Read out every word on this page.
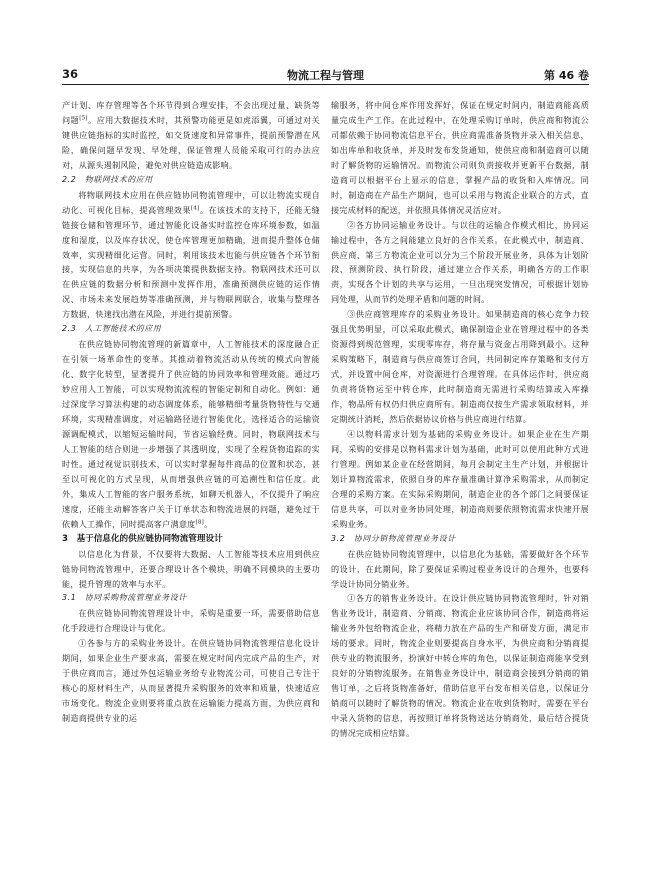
36	物流工程与管理	第 46 卷

产计划、库存管理等各个环节得到合理安排，不会出现过量、缺货等问题[5]。应用大数据技术时，其预警功能更是如虎添翼，可通过对关键供应链指标的实时监控，如交货速度和异常事件，提前预警潜在风险，确保问题早发现、早处理，保证管理人员能采取可行的办法应对，从源头遏制风险，避免对供应链造成影响。

2.2　物联网技术的应用

将物联网技术应用在供应链协同物流管理中，可以让物流实现自动化、可视化目标，提高管理效果[4]。在该技术的支持下，还能无缝链接仓储和管理环节，通过智能化设备实时监控仓库环境参数，如温度和湿度，以及库存状况，使仓库管理更加精确，进而提升整体仓储效率，实现精细化运营。同时，利用该技术也能与供应链各个环节衔接，实现信息的共享，为各项决策提供数据支持。物联网技术还可以在供应链的数据分析和预测中发挥作用，准确预测供应链的运作情况、市场未来发展趋势等准确预测，并与物联网联合，收集与整理各方数据，快速找出潜在风险，并进行提前预警。

2.3　人工智能技术的应用

在供应链协同物流管理的新篇章中，人工智能技术的深度融合正在引领一场革命性的变革。其推动着物流活动从传统的模式向智能化、数字化转型，显著提升了供应链的协同效率和管理效能。通过巧妙应用人工智能，可以实现物流流程的智能定制和自动化。例如：通过深度学习算法构建的动态调度体系，能够精细考量货物特性与交通环境，实现精准调度，对运输路径进行智能优化，选择适合的运输资源调配模式，以缩短运输时间，节省运输经费。同时，物联网技术与人工智能的结合则进一步增强了其透明度，实现了全程货物追踪的实时性。通过视觉识别技术，可以实时掌握每件商品的位置和状态，甚至以可视化的方式呈现，从而增强供应链的可追溯性和信任度。此外，集成人工智能的客户服务系统，如聊天机器人，不仅提升了响应速度，还能主动解答客户关于订单状态和物流进展的问题，避免过于依赖人工操作，同时提高客户满意度[8]。

3　基于信息化的供应链协同物流管理设计

以信息化为背景，不仅要将大数据、人工智能等技术应用到供应链协同物流管理中，还要合理设计各个模块，明确不同模块的主要功能，提升管理的效率与水平。

3.1　协同采购物流管理业务设计

在供应链协同物流管理设计中，采购是重要一环，需要借助信息化手段进行合理设计与优化。

①各参与方的采购业务设计。在供应链协同物流管理信息化设计期间，如果企业生产要求高，需要在规定时间内完成产品的生产，对于供应商而言，通过外包运输业务给专业物流公司，可使自己专注于核心的原材料生产，从而显著提升采购服务的效率和质量，快速适应市场变化。物流企业则要将重点放在运输能力提高方面，为供应商和制造商提供专业的运

输服务，将中间仓库作用发挥好，保证在规定时间内，制造商能高质量完成生产工作。在此过程中，在处理采购订单时，供应商和物流公司都依赖于协同物流信息平台，供应商需准备货物并录入相关信息，如出库单和收货单，并及时发布发货通知，使供应商和制造商可以随时了解货物的运输情况。而物流公司则负责接收并更新平台数据，制造商可以根据平台上显示的信息，掌握产品的收货和入库情况。同时，制造商在产品生产期间，也可以采用与物流企业联合的方式，直接完成材料的配送，并依照具体情况灵活应对。

②各方协同运输业务设计。与以往的运输合作模式相比，协同运输过程中，各方之间能建立良好的合作关系。在此模式中，制造商、供应商、第三方物流企业可以分为三个阶段开展业务，具体为计划阶段、预测阶段、执行阶段，通过建立合作关系，明确各方的工作职责，实现各个计划的共享与运用，一旦出现突发情况，可根据计划协同处理，从而节约处理矛盾和问题的时间。

③供应商管理库存的采购业务设计。如果制造商的核心竞争力较强且优势明显，可以采取此模式，确保制造企业在管理过程中的各类资源得到规范管理，实现零库存，将存量与资金占用降到最小。这种采购策略下，制造商与供应商签订合同，共同制定库存策略和支付方式，并设置中间仓库，对资源进行合理管理。在具体运作时，供应商负责将货物运至中转仓库，此时制造商无需进行采购结算或入库操作，物品所有权仍归供应商所有。制造商仅按生产需求领取材料，并定期统计消耗，然后依据协议价格与供应商进行结算。

④以物料需求计划为基础的采购业务设计。如果企业在生产期间，采购的安排是以物料需求计划为基础，此时可以使用此种方式进行管理。例如某企业在经营期间，每月会制定主生产计划，并根据计划计算物流需求，依照自身的库存量准确计算净采购需求，从而制定合理的采购方案。在实际采购期间，制造企业的各个部门之间要保证信息共享，可以对业务协同处理，制造商则要依照物流需求快速开展采购业务。

3.2　协同分销物流管理业务设计

在供应链协同物流管理中，以信息化为基础，需要做好各个环节的设计，在此期间，除了要保证采购过程业务设计的合理外，也要科学设计协同分销业务。

①各方的销售业务设计。在设计供应链协同物流管理时，针对销售业务设计，制造商、分销商、物流企业应该协同合作，制造商将运输业务外包给物流企业，将精力放在产品的生产和研发方面，满足市场的要求。同时，物流企业则要提高自身水平，为供应商和分销商提供专业的物流服务，扮演好中转仓库的角色，以保证制造商能享受到良好的分销物流服务。在销售业务设计中，制造商会接到分销商的销售订单，之后将货物准备好，借助信息平台发布相关信息，以保证分销商可以随时了解货物的情况。物流企业在收到货物时，需要在平台中录入货物的信息，再按照订单将货物送达分销商处，最后结合提货的情况完成相应结算。
